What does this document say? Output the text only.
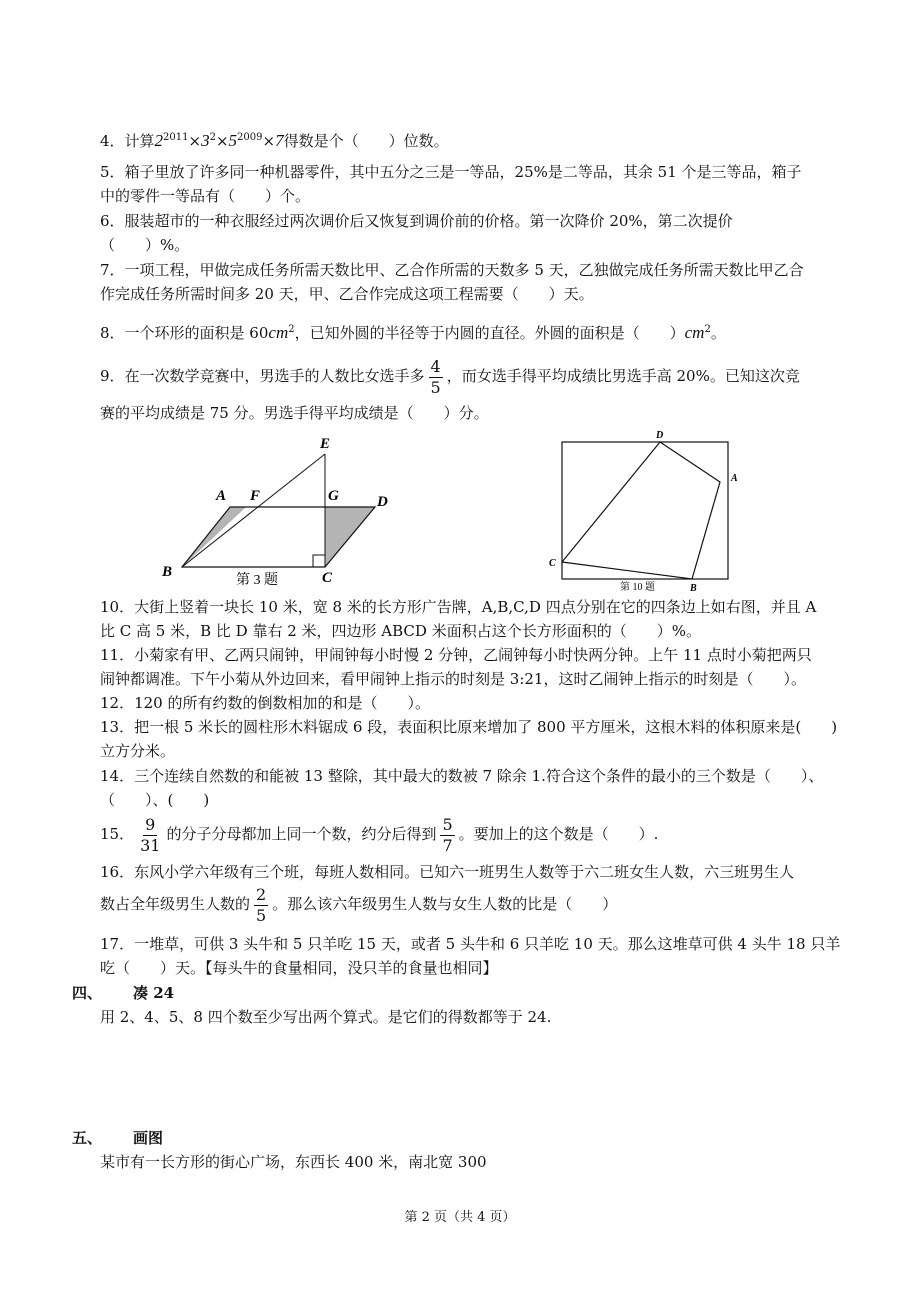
4．计算$2^{2011}\times 3^2\times 5^{2009}\times 7$得数是个（　　）位数。
5．箱子里放了许多同一种机器零件，其中五分之三是一等品，25%是二等品，其余 51 个是三等品，箱子
中的零件一等品有（　　）个。
6．服装超市的一种衣服经过两次调价后又恢复到调价前的价格。第一次降价 20%，第二次提价
（　　）%。
7．一项工程，甲做完成任务所需天数比甲、乙合作所需的天数多 5 天，乙独做完成任务所需天数比甲乙合
作完成任务所需时间多 20 天，甲、乙合作完成这项工程需要（　　）天。
8．一个环形的面积是 $60cm^2$，已知外圆的半径等于内圆的直径。外圆的面积是（　　）$cm^2$。
9．在一次数学竞赛中，男选手的人数比女选手多 $\frac{4}{5}$ ，而女选手得平均成绩比男选手高 20%。已知这次竞
赛的平均成绩是 75 分。男选手得平均成绩是（　　）分。
E
A F	G	D
B	C
第 3 题
D
A
C
B
第 10 题
10．大街上竖着一块长 10 米，宽 8 米的长方形广告牌，A,B,C,D 四点分别在它的四条边上如右图，并且 A
比 C 高 5 米，B 比 D 靠右 2 米，四边形 ABCD 米面积占这个长方形面积的（　　）%。
11．小菊家有甲、乙两只闹钟，甲闹钟每小时慢 2 分钟，乙闹钟每小时快两分钟。上午 11 点时小菊把两只
闹钟都调准。下午小菊从外边回来，看甲闹钟上指示的时刻是 3:21，这时乙闹钟上指示的时刻是（　　）。
12．120 的所有约数的倒数相加的和是（　　）。
13．把一根 5 米长的圆柱形木料锯成 6 段，表面积比原来增加了 800 平方厘米，这根木料的体积原来是(　　)
立方分米。
14．三个连续自然数的和能被 13 整除，其中最大的数被 7 除余 1.符合这个条件的最小的三个数是（　　）、
（　　）、(　　)
15． $\frac{9}{31}$ 的分子分母都加上同一个数，约分后得到 $\frac{5}{7}$ 。要加上的这个数是（　　）.
16．东风小学六年级有三个班，每班人数相同。已知六一班男生人数等于六二班女生人数，六三班男生人
数占全年级男生人数的 $\frac{2}{5}$ 。那么该六年级男生人数与女生人数的比是（　　）
17．一堆草，可供 3 头牛和 5 只羊吃 15 天，或者 5 头牛和 6 只羊吃 10 天。那么这堆草可供 4 头牛 18 只羊
吃（　　）天。【每头牛的食量相同，没只羊的食量也相同】
四、 凑 24
用 2、4、5、8 四个数至少写出两个算式。是它们的得数都等于 24.
五、 画图
某市有一长方形的街心广场，东西长 400 米，南北宽 300
第 2 页（共 4 页）
